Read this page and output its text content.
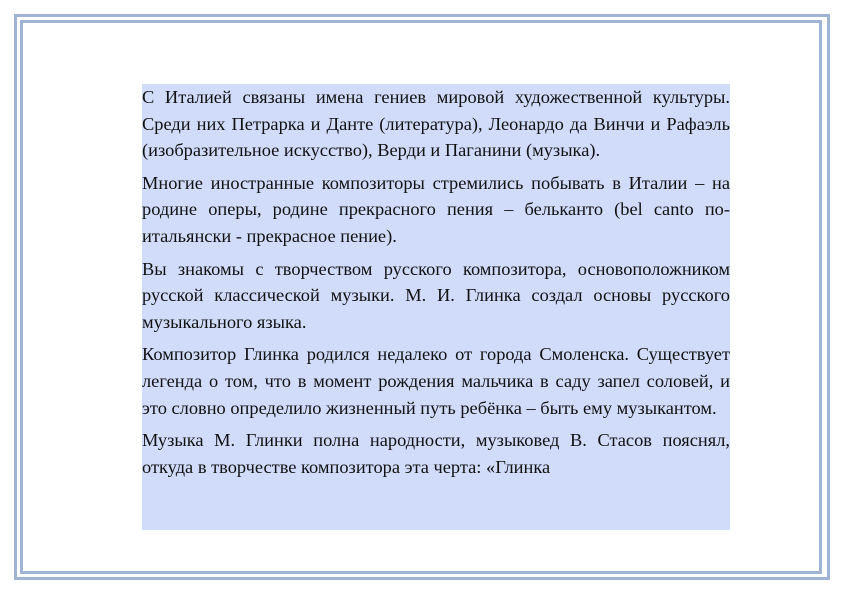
С Италией связаны имена гениев мировой художественной культуры. Среди них Петрарка и Данте (литература), Леонардо да Винчи и Рафаэль (изобразительное искусство), Верди и Паганини (музыка).

Многие иностранные композиторы стремились побывать в Италии – на родине оперы, родине прекрасного пения – бельканто (bel canto по-итальянски - прекрасное пение).

Вы знакомы с творчеством русского композитора, основоположником русской классической музыки. М. И. Глинка создал основы русского музыкального языка.

Композитор Глинка родился недалеко от города Смоленска. Существует легенда о том, что в момент рождения мальчика в саду запел соловей, и это словно определило жизненный путь ребёнка – быть ему музыкантом.

Музыка М. Глинки полна народности, музыковед В. Стасов пояснял, откуда в творчестве композитора эта черта: «Глинка
